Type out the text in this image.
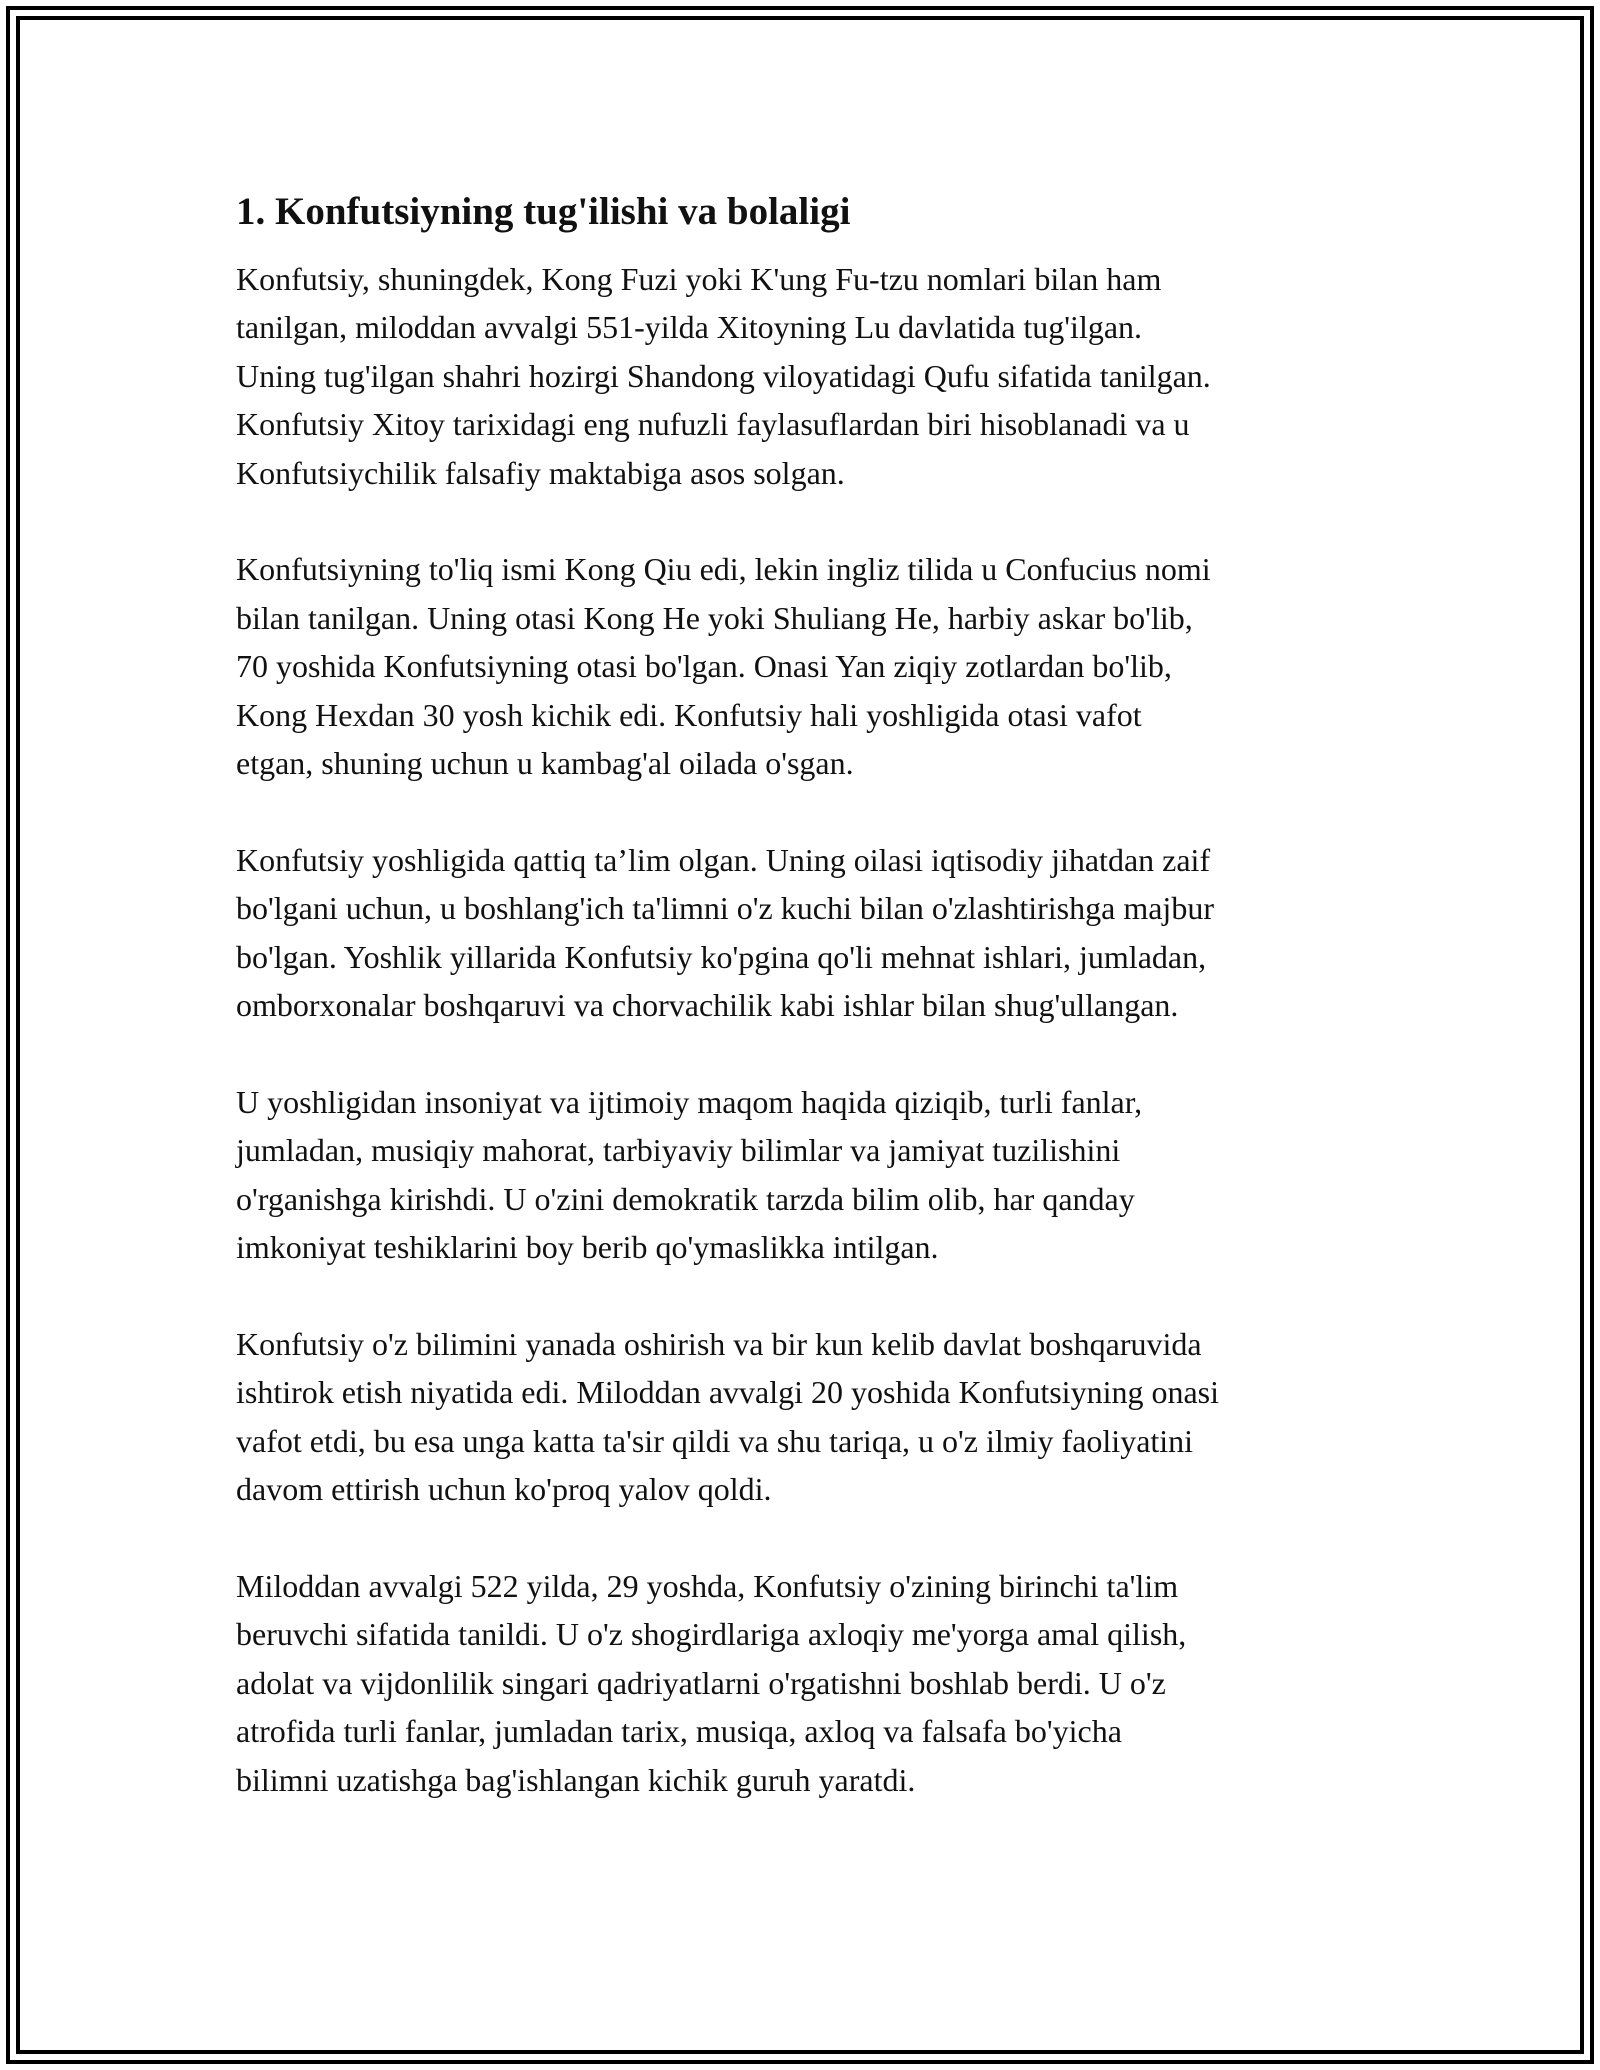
1. Konfutsiyning tug'ilishi va bolaligi

Konfutsiy, shuningdek, Kong Fuzi yoki K'ung Fu-tzu nomlari bilan ham
tanilgan, miloddan avvalgi 551-yilda Xitoyning Lu davlatida tug'ilgan.
Uning tug'ilgan shahri hozirgi Shandong viloyatidagi Qufu sifatida tanilgan.
Konfutsiy Xitoy tarixidagi eng nufuzli faylasuflardan biri hisoblanadi va u
Konfutsiychilik falsafiy maktabiga asos solgan.

Konfutsiyning to'liq ismi Kong Qiu edi, lekin ingliz tilida u Confucius nomi
bilan tanilgan. Uning otasi Kong He yoki Shuliang He, harbiy askar bo'lib,
70 yoshida Konfutsiyning otasi bo'lgan. Onasi Yan ziqiy zotlardan bo'lib,
Kong Hexdan 30 yosh kichik edi. Konfutsiy hali yoshligida otasi vafot
etgan, shuning uchun u kambag'al oilada o'sgan.

Konfutsiy yoshligida qattiq ta’lim olgan. Uning oilasi iqtisodiy jihatdan zaif
bo'lgani uchun, u boshlang'ich ta'limni o'z kuchi bilan o'zlashtirishga majbur
bo'lgan. Yoshlik yillarida Konfutsiy ko'pgina qo'li mehnat ishlari, jumladan,
omborxonalar boshqaruvi va chorvachilik kabi ishlar bilan shug'ullangan.

U yoshligidan insoniyat va ijtimoiy maqom haqida qiziqib, turli fanlar,
jumladan, musiqiy mahorat, tarbiyaviy bilimlar va jamiyat tuzilishini
o'rganishga kirishdi. U o'zini demokratik tarzda bilim olib, har qanday
imkoniyat teshiklarini boy berib qo'ymaslikka intilgan.

Konfutsiy o'z bilimini yanada oshirish va bir kun kelib davlat boshqaruvida
ishtirok etish niyatida edi. Miloddan avvalgi 20 yoshida Konfutsiyning onasi
vafot etdi, bu esa unga katta ta'sir qildi va shu tariqa, u o'z ilmiy faoliyatini
davom ettirish uchun ko'proq yalov qoldi.

Miloddan avvalgi 522 yilda, 29 yoshda, Konfutsiy o'zining birinchi ta'lim
beruvchi sifatida tanildi. U o'z shogirdlariga axloqiy me'yorga amal qilish,
adolat va vijdonlilik singari qadriyatlarni o'rgatishni boshlab berdi. U o'z
atrofida turli fanlar, jumladan tarix, musiqa, axloq va falsafa bo'yicha
bilimni uzatishga bag'ishlangan kichik guruh yaratdi.
